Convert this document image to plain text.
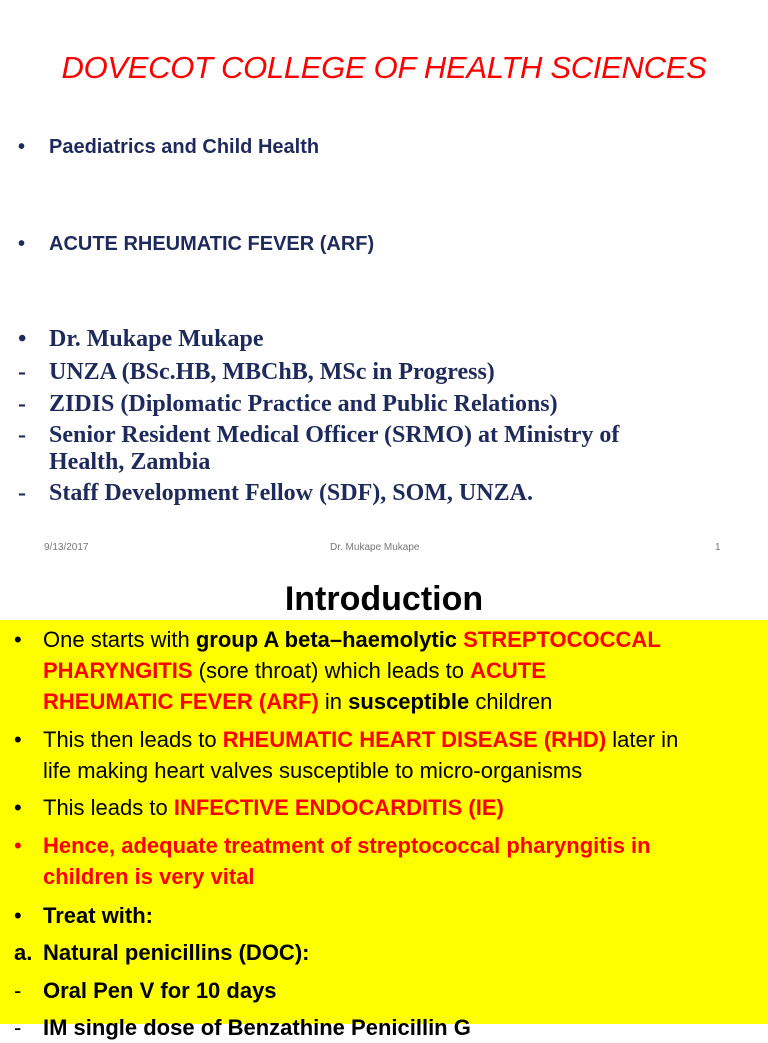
DOVECOT COLLEGE OF HEALTH SCIENCES
•	Paediatrics and Child Health
•	ACUTE RHEUMATIC FEVER (ARF)
• Dr. Mukape Mukape
- UNZA (BSc.HB, MBChB, MSc in Progress)
- ZIDIS (Diplomatic Practice and Public Relations)
- Senior Resident Medical Officer (SRMO) at Ministry of
Health, Zambia
- Staff Development Fellow (SDF), SOM, UNZA.
9/13/2017	Dr. Mukape Mukape	1
Introduction
• One starts with group A beta–haemolytic STREPTOCOCCAL
PHARYNGITIS (sore throat) which leads to ACUTE
RHEUMATIC FEVER (ARF) in susceptible children
• This then leads to RHEUMATIC HEART DISEASE (RHD) later in
life making heart valves susceptible to micro-organisms
• This leads to INFECTIVE ENDOCARDITIS (IE)
• Hence, adequate treatment of streptococcal pharyngitis in
children is very vital
• Treat with:
a. Natural penicillins (DOC):
- Oral Pen V for 10 days
- IM single dose of Benzathine Penicillin G
